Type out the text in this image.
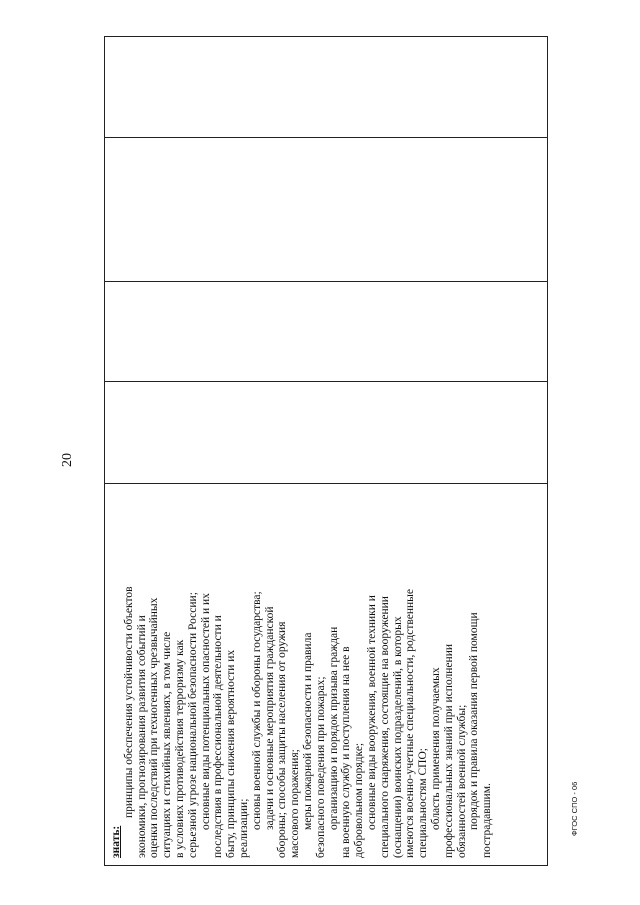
20

знать:

принципы обеспечения устойчивости объектов экономики, прогнозирования развития событий и оценки последствий при техногенных чрезвычайных ситуациях и стихийных явлениях, в том числе в условиях противодействия терроризму как серьезной угрозе национальной безопасности России; основные виды потенциальных опасностей и их последствия в профессиональной деятельности и быту, принципы снижения вероятности их реализации; основы военной службы и обороны государства; задачи и основные мероприятия гражданской обороны; способы защиты населения от оружия массового поражения; меры пожарной безопасности и правила безопасного поведения при пожарах; организацию и порядок призыва граждан на военную службу и поступления на нее в добровольном порядке; основные виды вооружения, военной техники и специального снаряжения, состоящие на вооружении (оснащении) воинских подразделений, в которых имеются военно-учетные специальности, родственные специальностям СПО; область применения получаемых профессиональных знаний при исполнении обязанностей военной службы; порядок и правила оказания первой помощи пострадавшим.	ФГОС СПО - 06
